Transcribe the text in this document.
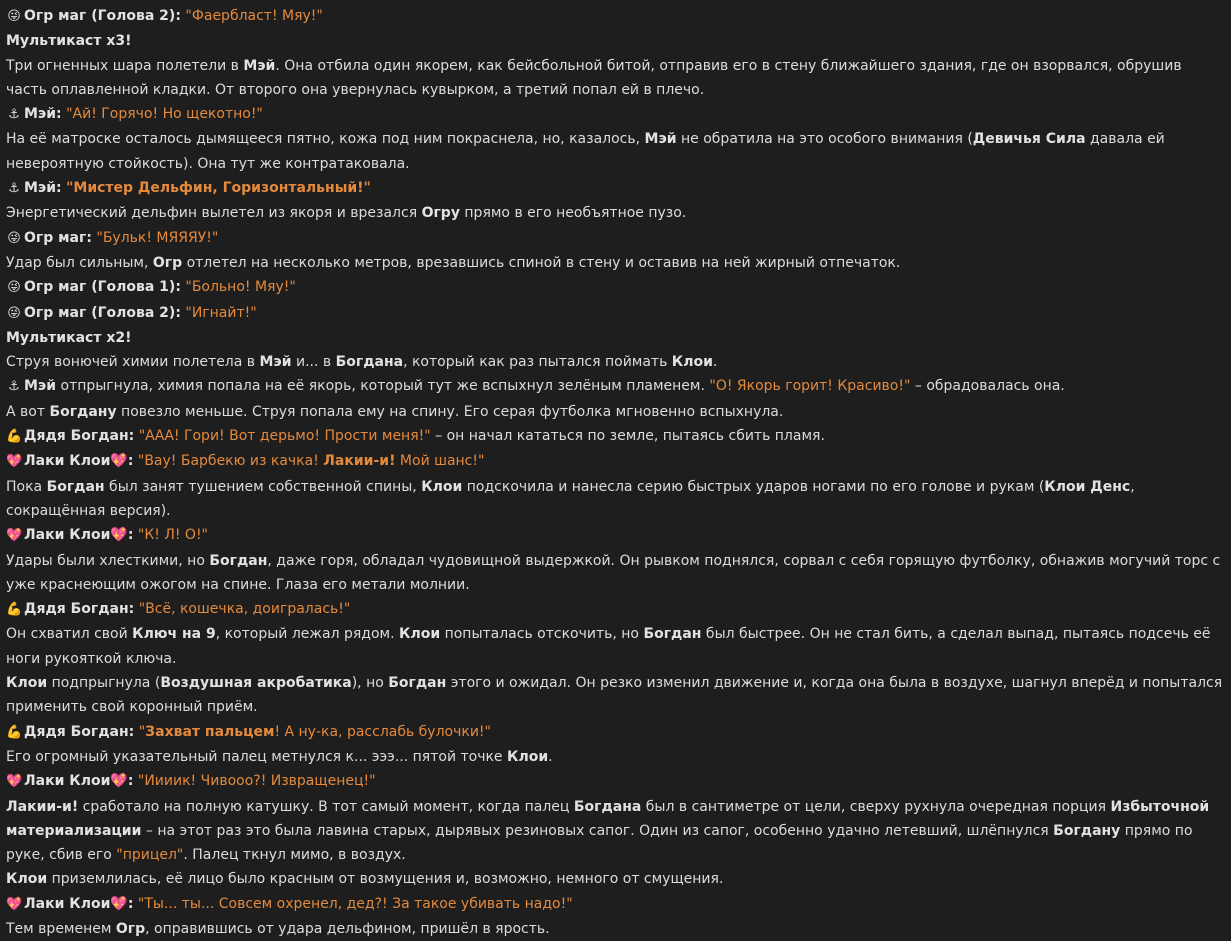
😜 Огр маг (Голова 2): "Фаербласт! Мяу!"
Мультикаст x3!
Три огненных шара полетели в Мэй. Она отбила один якорем, как бейсбольной битой, отправив его в стену ближайшего здания, где он взорвался, обрушив часть оплавленной кладки. От второго она увернулась кувырком, а третий попал ей в плечо.
⚓ Мэй: "Ай! Горячо! Но щекотно!"
На её матроске осталось дымящееся пятно, кожа под ним покраснела, но, казалось, Мэй не обратила на это особого внимания (Девичья Сила давала ей невероятную стойкость). Она тут же контратаковала.
⚓ Мэй: "Мистер Дельфин, Горизонтальный!"
Энергетический дельфин вылетел из якоря и врезался Огру прямо в его необъятное пузо.
😜 Огр маг: "Бульк! МЯЯЯУ!"
Удар был сильным, Огр отлетел на несколько метров, врезавшись спиной в стену и оставив на ней жирный отпечаток.
😜 Огр маг (Голова 1): "Больно! Мяу!"
😜 Огр маг (Голова 2): "Игнайт!"
Мультикаст x2!
Струя вонючей химии полетела в Мэй и... в Богдана, который как раз пытался поймать Клои.
⚓ Мэй отпрыгнула, химия попала на её якорь, который тут же вспыхнул зелёным пламенем. "О! Якорь горит! Красиво!" – обрадовалась она.
А вот Богдану повезло меньше. Струя попала ему на спину. Его серая футболка мгновенно вспыхнула.
💪 Дядя Богдан: "ААА! Гори! Вот дерьмо! Прости меня!" – он начал кататься по земле, пытаясь сбить пламя.
💖 Лаки Клои💖: "Вау! Барбекю из качка! Лакии-и! Мой шанс!"
Пока Богдан был занят тушением собственной спины, Клои подскочила и нанесла серию быстрых ударов ногами по его голове и рукам (Клои Денс, сокращённая версия).
💖 Лаки Клои💖: "К! Л! О!"
Удары были хлесткими, но Богдан, даже горя, обладал чудовищной выдержкой. Он рывком поднялся, сорвал с себя горящую футболку, обнажив могучий торс с уже краснеющим ожогом на спине. Глаза его метали молнии.
💪 Дядя Богдан: "Всё, кошечка, доигралась!"
Он схватил свой Ключ на 9, который лежал рядом. Клои попыталась отскочить, но Богдан был быстрее. Он не стал бить, а сделал выпад, пытаясь подсечь её ноги рукояткой ключа.
Клои подпрыгнула (Воздушная акробатика), но Богдан этого и ожидал. Он резко изменил движение и, когда она была в воздухе, шагнул вперёд и попытался применить свой коронный приём.
💪 Дядя Богдан: "Захват пальцем! А ну-ка, расслабь булочки!"
Его огромный указательный палец метнулся к... эээ... пятой точке Клои.
💖 Лаки Клои💖: "Иииик! Чивооо?! Извращенец!"
Лакии-и! сработало на полную катушку. В тот самый момент, когда палец Богдана был в сантиметре от цели, сверху рухнула очередная порция Избыточной материализации – на этот раз это была лавина старых, дырявых резиновых сапог. Один из сапог, особенно удачно летевший, шлёпнулся Богдану прямо по руке, сбив его "прицел". Палец ткнул мимо, в воздух.
Клои приземлилась, её лицо было красным от возмущения и, возможно, немного от смущения.
💖 Лаки Клои💖: "Ты... ты... Совсем охренел, дед?! За такое убивать надо!"
Тем временем Огр, оправившись от удара дельфином, пришёл в ярость.
